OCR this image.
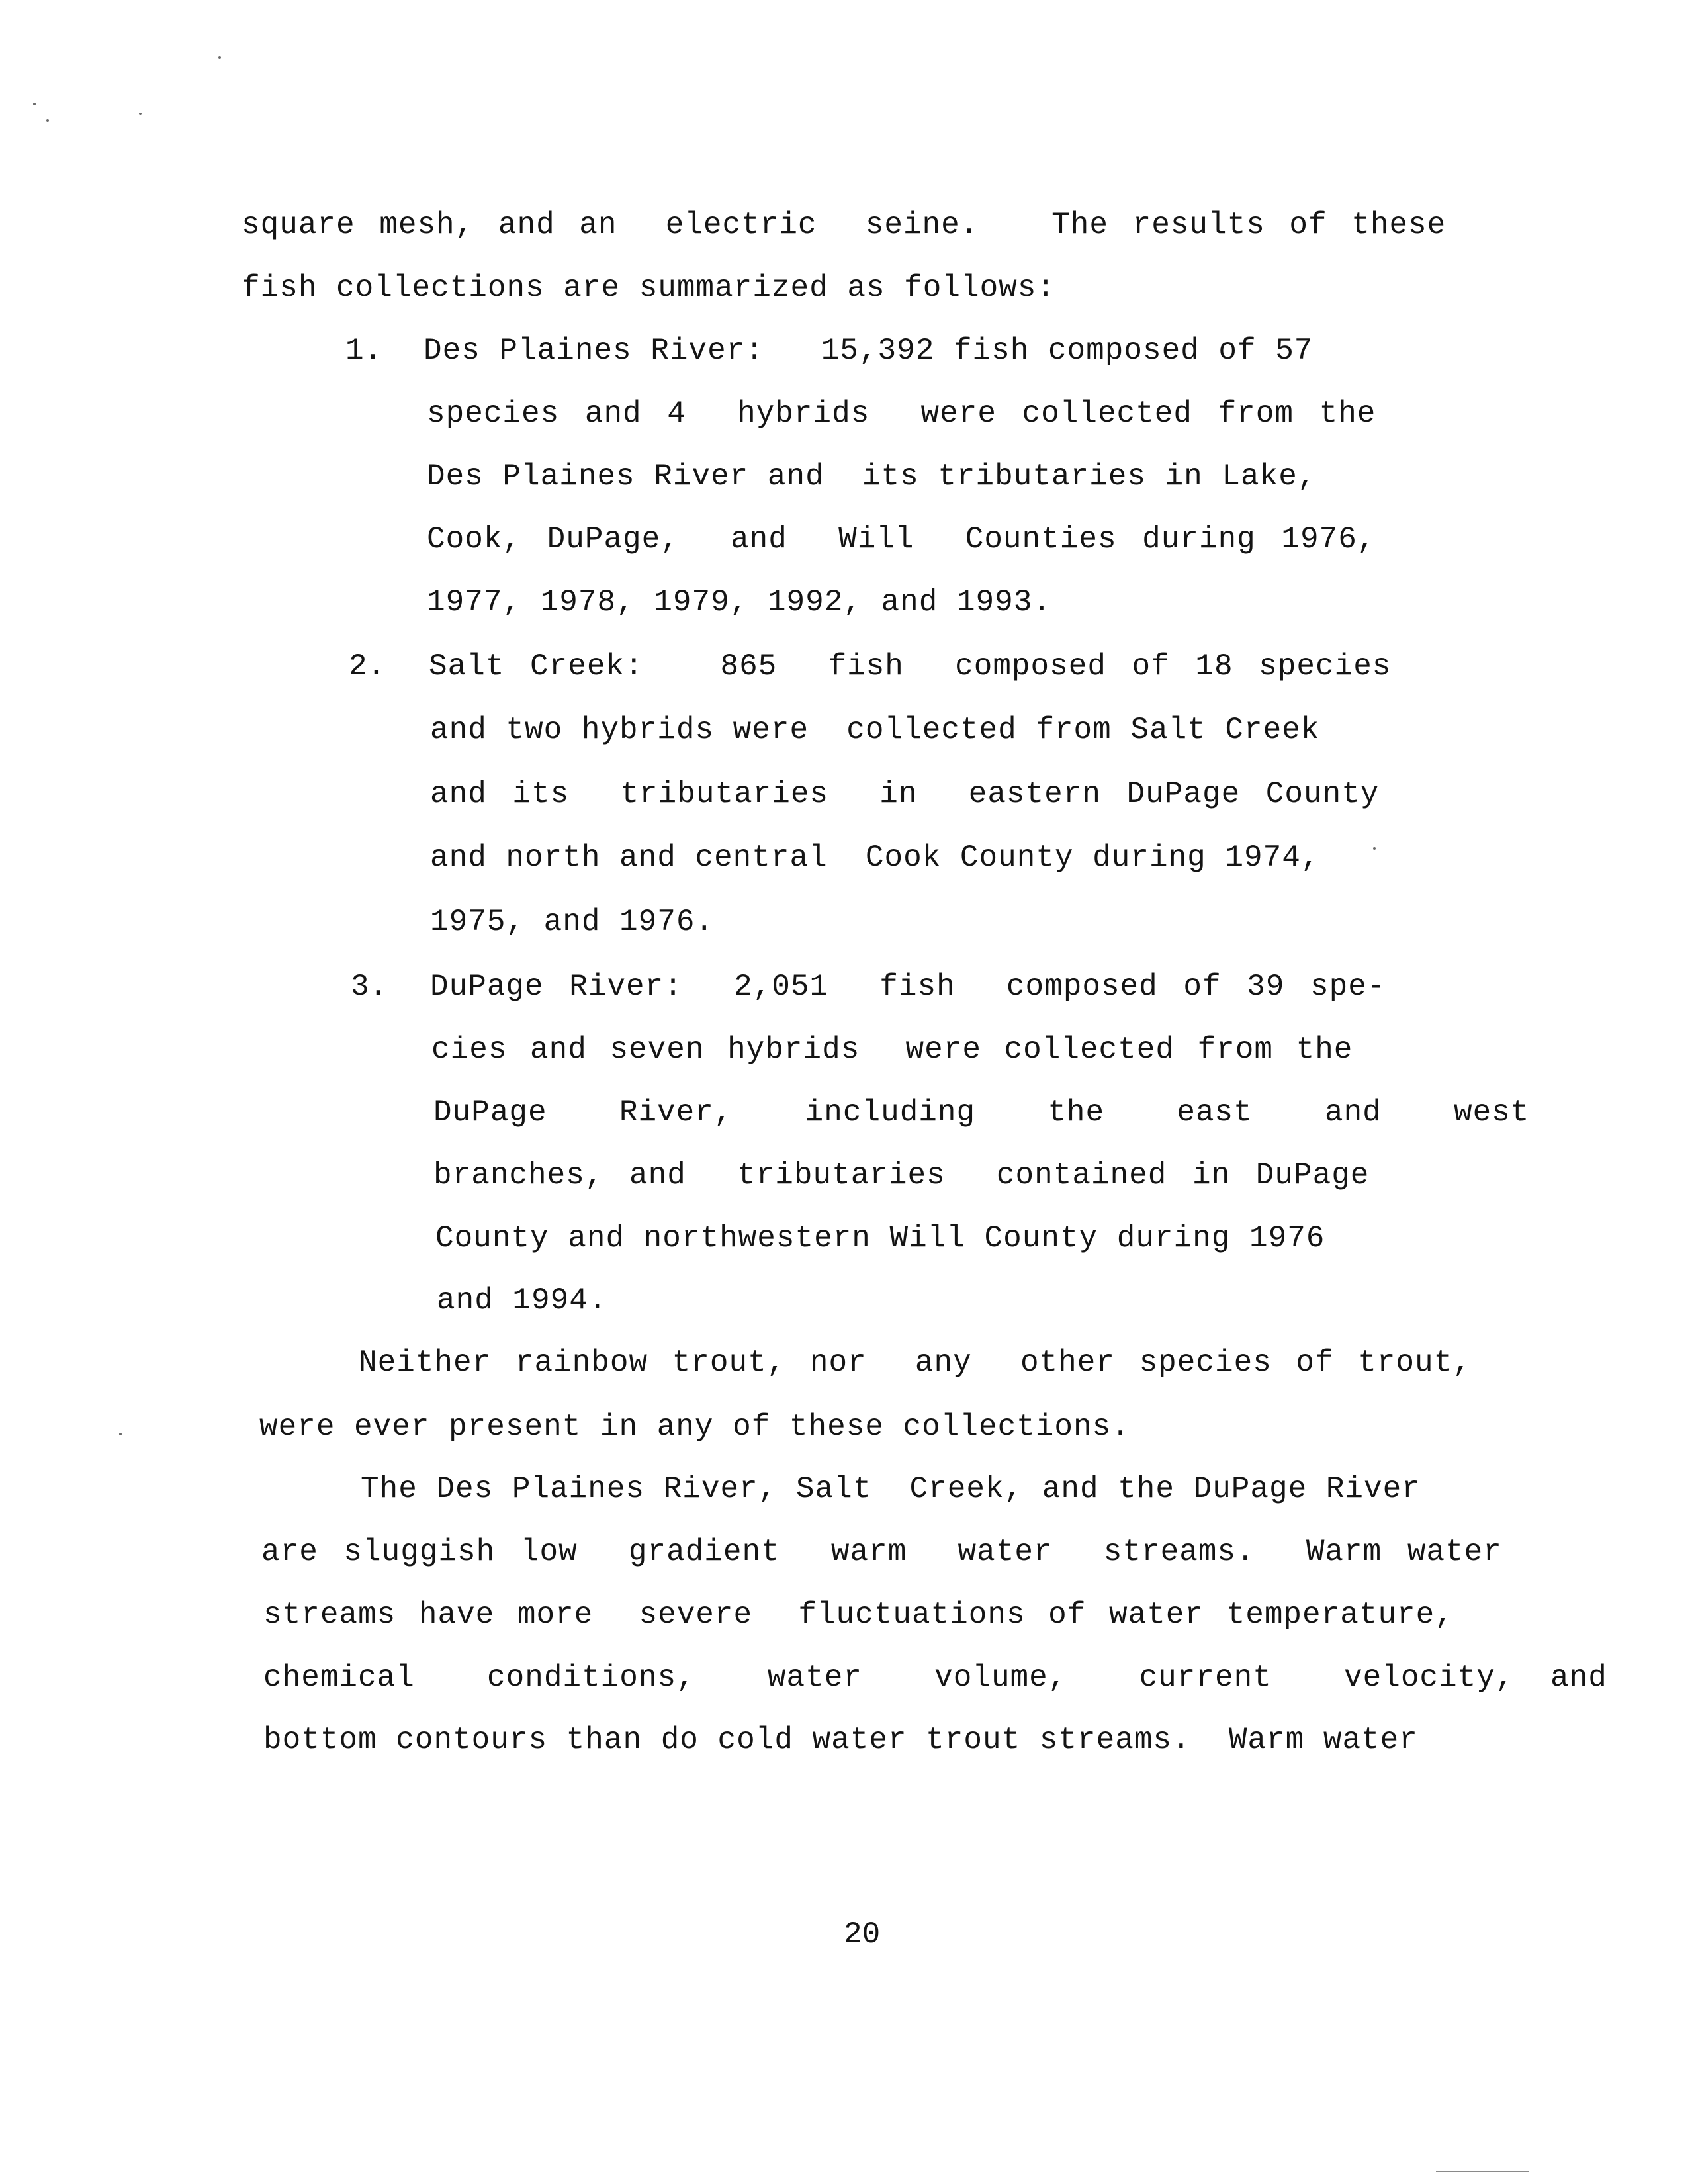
square mesh, and an  electric  seine.   The results of these
fish collections are summarized as follows:
1. Des Plaines River:   15,392 fish composed of 57
species and 4  hybrids  were collected from the
Des Plaines River and  its tributaries in Lake,
Cook, DuPage,  and  Will  Counties during 1976,
1977, 1978, 1979, 1992, and 1993.
2. Salt Creek:   865  fish  composed of 18 species
and two hybrids were  collected from Salt Creek
and its  tributaries  in  eastern DuPage County
and north and central  Cook County during 1974,
1975, and 1976.
3. DuPage River:  2,051  fish  composed of 39 spe-
cies and seven hybrids  were collected from the
DuPage  River,  including  the  east  and  west
branches, and  tributaries  contained in DuPage
County and northwestern Will County during 1976
and 1994.
Neither rainbow trout, nor  any  other species of trout,
were ever present in any of these collections.
The Des Plaines River, Salt  Creek, and the DuPage River
are sluggish low  gradient  warm  water  streams.  Warm water
streams have more  severe  fluctuations of water temperature,
chemical  conditions,  water  volume,  current  velocity, and
bottom contours than do cold water trout streams.  Warm water
20
